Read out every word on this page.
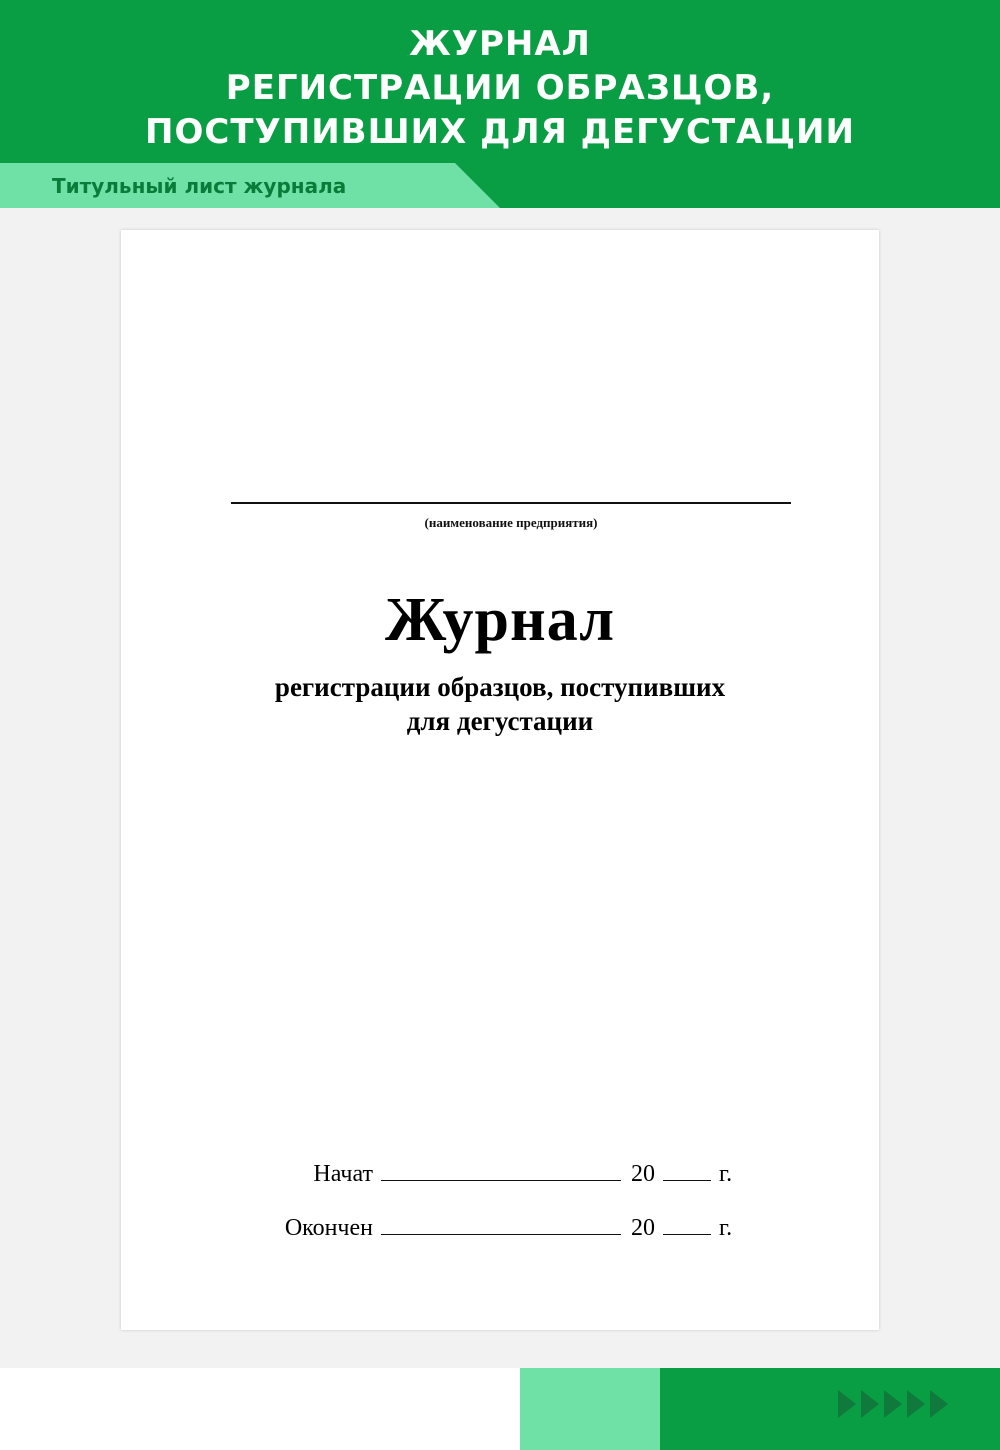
ЖУРНАЛ
РЕГИСТРАЦИИ ОБРАЗЦОВ,
ПОСТУПИВШИХ ДЛЯ ДЕГУСТАЦИИ
Титульный лист журнала
(наименование предприятия)
Журнал
регистрации образцов, поступивших
для дегустации
Начат	20	г.
Окончен	20	г.
